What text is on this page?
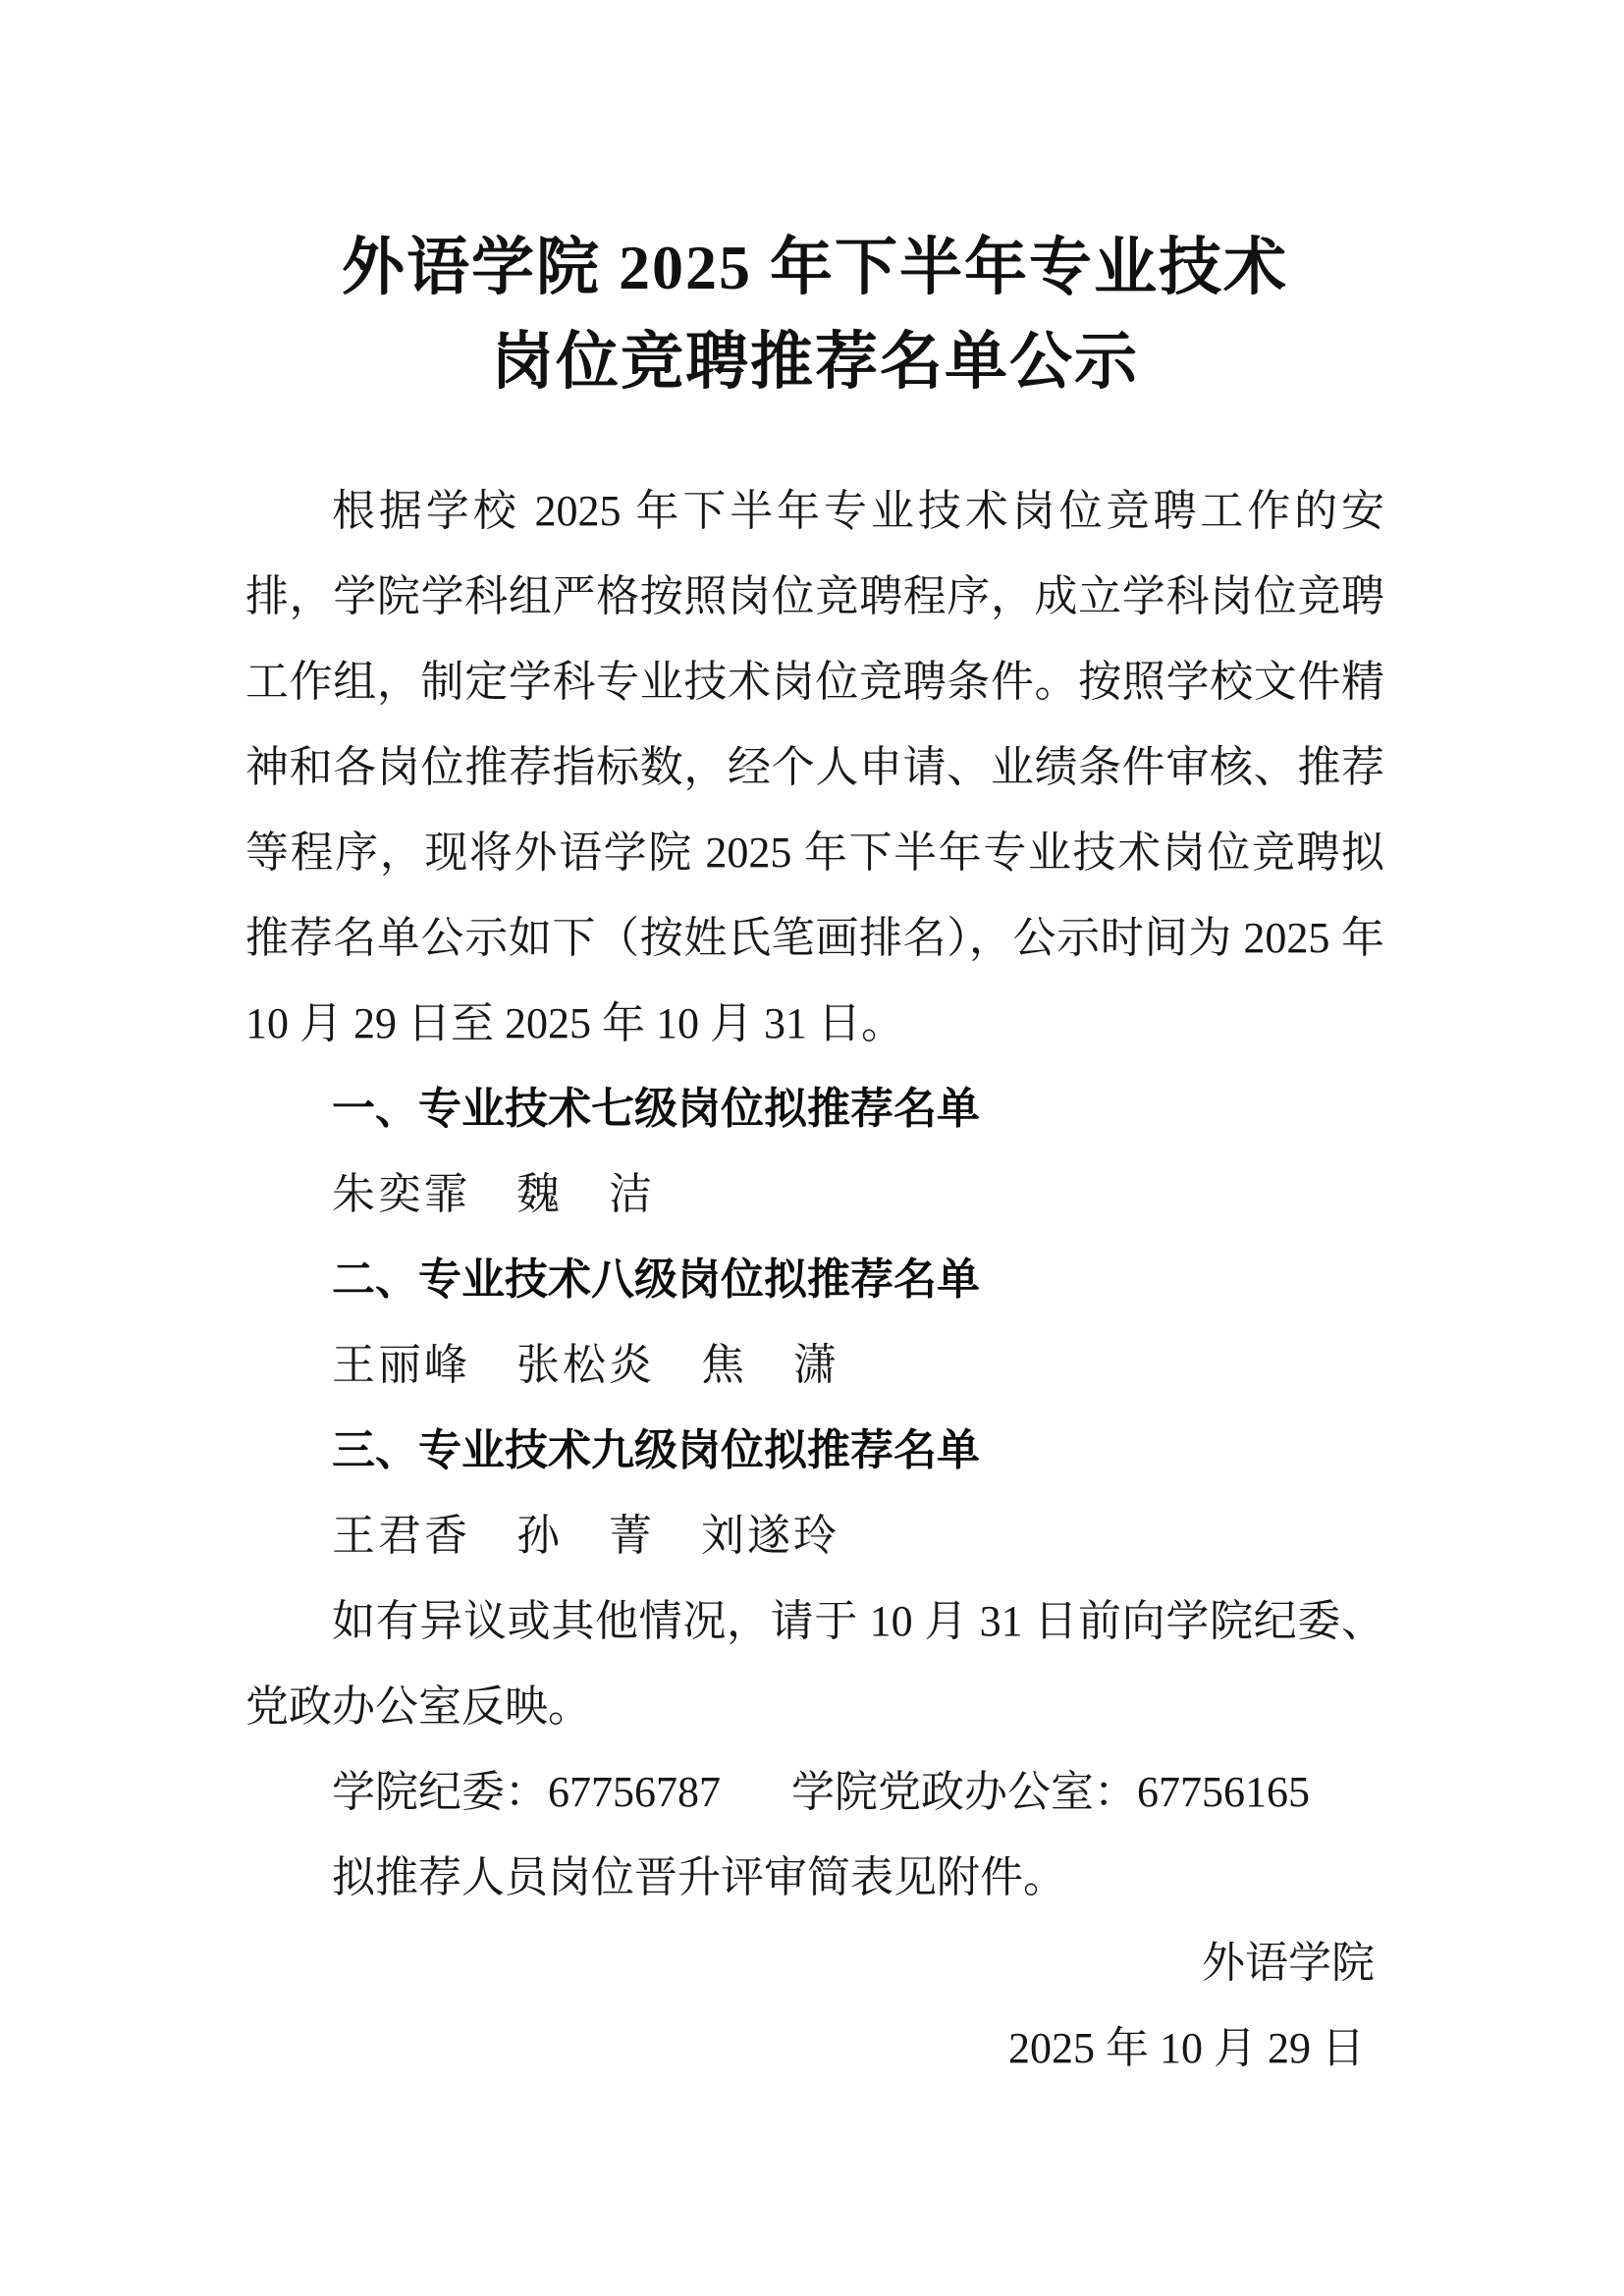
外语学院 2025 年下半年专业技术
岗位竞聘推荐名单公示

根据学校 2025 年下半年专业技术岗位竞聘工作的安排，学院学科组严格按照岗位竞聘程序，成立学科岗位竞聘工作组，制定学科专业技术岗位竞聘条件。按照学校文件精神和各岗位推荐指标数，经个人申请、业绩条件审核、推荐等程序，现将外语学院 2025 年下半年专业技术岗位竞聘拟推荐名单公示如下（按姓氏笔画排名），公示时间为 2025 年 10 月 29 日至 2025 年 10 月 31 日。

一、专业技术七级岗位拟推荐名单

朱奕霏　魏　洁

二、专业技术八级岗位拟推荐名单

王丽峰　张松炎　焦　潇

三、专业技术九级岗位拟推荐名单

王君香　孙　菁　刘遂玲

如有异议或其他情况，请于 10 月 31 日前向学院纪委、党政办公室反映。

学院纪委：67756787 学院党政办公室：67756165

拟推荐人员岗位晋升评审简表见附件。

外语学院

2025 年 10 月 29 日
